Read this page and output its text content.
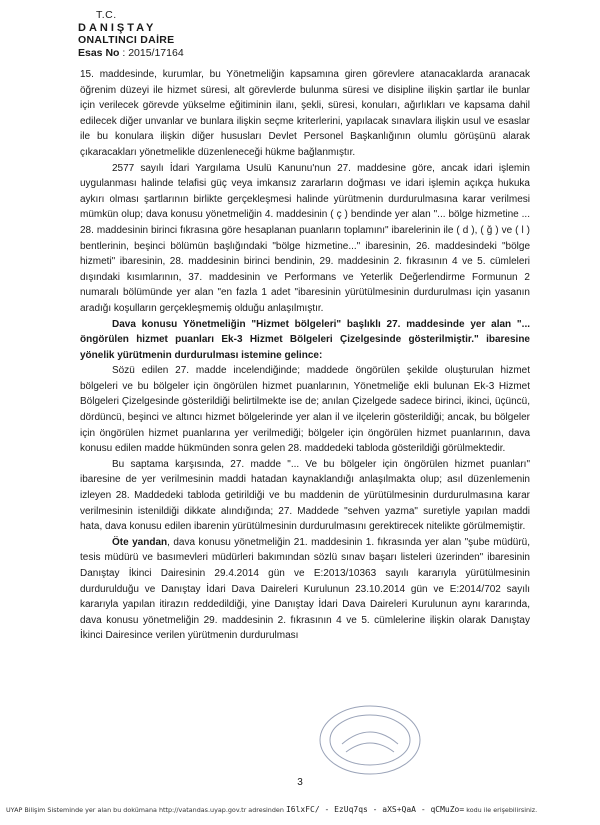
T.C.
DANIŞTAY
ONALTINCI DAİRE
Esas No : 2015/17164

15. maddesinde, kurumlar, bu Yönetmeliğin kapsamına giren görevlere atanacaklarda aranacak öğrenim düzeyi ile hizmet süresi, alt görevlerde bulunma süresi ve disipline ilişkin şartlar ile bunlar için verilecek görevde yükselme eğitiminin ilanı, şekli, süresi, konuları, ağırlıkları ve kapsama dahil edilecek diğer unvanlar ve bunlara ilişkin seçme kriterlerini, yapılacak sınavlara ilişkin usul ve esaslar ile bu konulara ilişkin diğer hususları Devlet Personel Başkanlığının olumlu görüşünü alarak çıkaracakları yönetmelikle düzenleneceği hükme bağlanmıştır.

2577 sayılı İdari Yargılama Usulü Kanunu'nun 27. maddesine göre, ancak idari işlemin uygulanması halinde telafisi güç veya imkansız zararların doğması ve idari işlemin açıkça hukuka aykırı olması şartlarının birlikte gerçekleşmesi halinde yürütmenin durdurulmasına karar verilmesi mümkün olup; dava konusu yönetmeliğin 4. maddesinin ( ç ) bendinde yer alan "... bölge hizmetine ... 28. maddesinin birinci fıkrasına göre hesaplanan puanların toplamını" ibarelerinin ile ( d ), ( ğ ) ve ( l ) bentlerinin, beşinci bölümün başlığındaki "bölge hizmetine..." ibaresinin, 26. maddesindeki "bölge hizmeti" ibaresinin, 28. maddesinin birinci bendinin, 29. maddesinin 2. fıkrasının 4 ve 5. cümleleri dışındaki kısımlarının, 37. maddesinin ve Performans ve Yeterlik Değerlendirme Formunun 2 numaralı bölümünde yer alan "en fazla 1 adet "ibaresinin yürütülmesinin durdurulması için yasanın aradığı koşulların gerçekleşmemiş olduğu anlaşılmıştır.

Dava konusu Yönetmeliğin "Hizmet bölgeleri" başlıklı 27. maddesinde yer alan "... öngörülen hizmet puanları Ek-3 Hizmet Bölgeleri Çizelgesinde gösterilmiştir." ibaresine yönelik yürütmenin durdurulması istemine gelince:

Sözü edilen 27. madde incelendiğinde; maddede öngörülen şekilde oluşturulan hizmet bölgeleri ve bu bölgeler için öngörülen hizmet puanlarının, Yönetmeliğe ekli bulunan Ek-3 Hizmet Bölgeleri Çizelgesinde gösterildiği belirtilmekte ise de; anılan Çizelgede sadece birinci, ikinci, üçüncü, dördüncü, beşinci ve altıncı hizmet bölgelerinde yer alan il ve ilçelerin gösterildiği; ancak, bu bölgeler için öngörülen hizmet puanlarına yer verilmediği; bölgeler için öngörülen hizmet puanlarının, dava konusu edilen madde hükmünden sonra gelen 28. maddedeki tabloda gösterildiği görülmektedir.

Bu saptama karşısında, 27. madde "... Ve bu bölgeler için öngörülen hizmet puanları" ibaresine de yer verilmesinin maddi hatadan kaynaklandığı anlaşılmakta olup; asıl düzenlemenin izleyen 28. Maddedeki tabloda getirildiği ve bu maddenin de yürütülmesinin durdurulmasına karar verilmesinin istenildiği dikkate alındığında; 27. Maddede "sehven yazma" suretiyle yapılan maddi hata, dava konusu edilen ibarenin yürütülmesinin durdurulmasını gerektirecek nitelikte görülmemiştir.

Öte yandan, dava konusu yönetmeliğin 21. maddesinin 1. fıkrasında yer alan "şube müdürü, tesis müdürü ve basımevleri müdürleri bakımından sözlü sınav başarı listeleri üzerinden" ibaresinin Danıştay İkinci Dairesinin 29.4.2014 gün ve E:2013/10363 sayılı kararıyla yürütülmesinin durdurulduğu ve Danıştay İdari Dava Daireleri Kurulunun 23.10.2014 gün ve E:2014/702 sayılı kararıyla yapılan itirazın reddedildiği, yine Danıştay İdari Dava Daireleri Kurulunun aynı kararında, dava konusu yönetmeliğin 29. maddesinin 2. fıkrasının 4 ve 5. cümlelerine ilişkin olarak Danıştay İkinci Dairesince verilen yürütmenin durdurulması

3
UYAP Bilişim Sisteminde yer alan bu dokümana http://vatandas.uyap.gov.tr adresinden I6lxFC/ - EzUq7qs - aXS+QaA - qCMuZo= kodu ile erişebilirsiniz.
